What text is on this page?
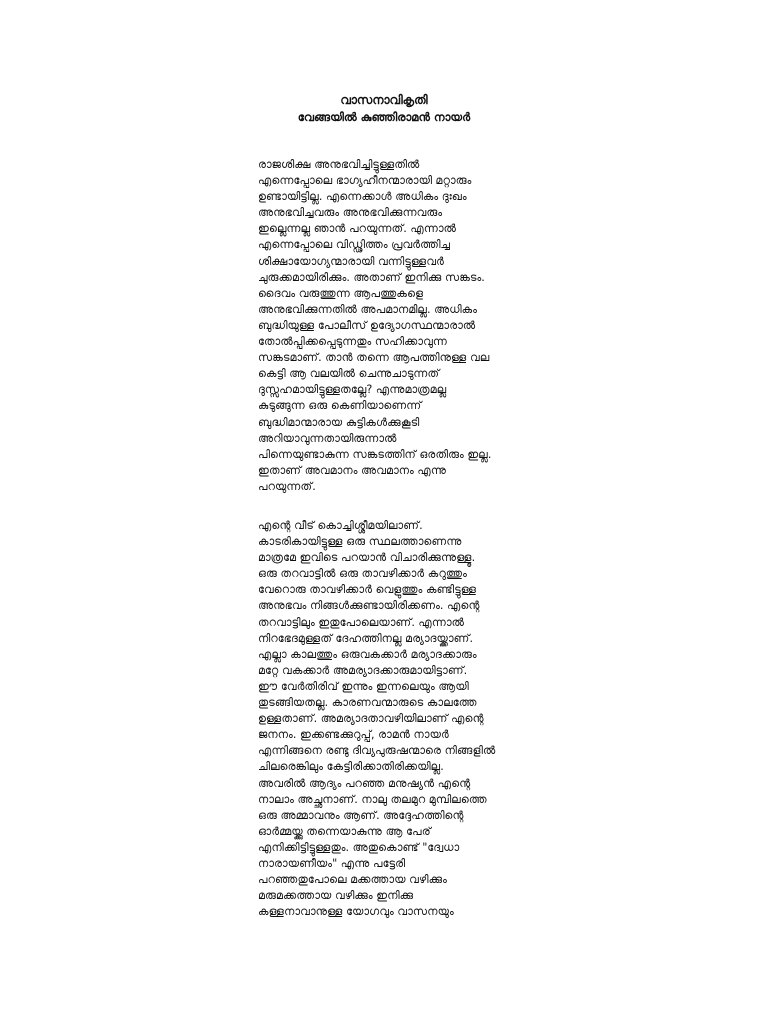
വാസനാവികൃതി
വേങ്ങയിൽ കുഞ്ഞിരാമൻ നായർ
രാജശിക്ഷ അനുഭവിച്ചിട്ടുള്ളതിൽ
എന്നെപ്പോലെ ഭാഗ്യഹീനന്മാരായി മറ്റാരും
ഉണ്ടായിട്ടില്ല. എന്നെക്കാൾ അധികം ദുഃഖം
അനുഭവിച്ചവരും അനുഭവിക്കുന്നവരും
ഇല്ലെന്നല്ല ഞാൻ പറയുന്നത്. എന്നാൽ
എന്നെപ്പോലെ വിഡ്ഢിത്തം പ്രവർത്തിച്ച
ശിക്ഷായോഗ്യന്മാരായി വന്നിട്ടുള്ളവർ
ചുരുക്കമായിരിക്കും. അതാണ് ഇനിക്കു സങ്കടം.
ദൈവം വരുത്തുന്ന ആപത്തുകളെ
അനുഭവിക്കുന്നതിൽ അപമാനമില്ല. അധികം
ബുദ്ധിയുള്ള പോലീസ് ഉദ്യോഗസ്ഥന്മാരാൽ
തോൽപ്പിക്കപ്പെടുന്നതും സഹിക്കാവുന്ന
സങ്കടമാണ്. താൻ തന്നെ ആപത്തിനുള്ള വല
കെട്ടി ആ വലയിൽ ചെന്നുചാടുന്നത്
ദുസ്സഹമായിട്ടുള്ളതല്ലേ? എന്നുമാത്രമല്ല
കുടുങ്ങുന്ന ഒരു കെണിയാണെന്ന്
ബുദ്ധിമാന്മാരായ കുട്ടികൾക്കുകൂടി
അറിയാവുന്നതായിരുന്നാൽ
പിന്നെയുണ്ടാകുന്ന സങ്കടത്തിന് ഒരതിരും ഇല്ല.
ഇതാണ് അവമാനം അവമാനം എന്നു
പറയുന്നത്.
എന്റെ വീട് കൊച്ചിശ്ശീമയിലാണ്.
കാടരികായിട്ടുള്ള ഒരു സ്ഥലത്താണെന്നു
മാത്രമേ ഇവിടെ പറയാൻ വിചാരിക്കുന്നുള്ളൂ.
ഒരു തറവാട്ടിൽ ഒരു താവഴിക്കാർ കറുത്തും
വേറൊരു താവഴിക്കാർ വെളുത്തും കണ്ടിട്ടുള്ള
അനുഭവം നിങ്ങൾക്കുണ്ടായിരിക്കണം. എന്റെ
തറവാട്ടിലും ഇതുപോലെയാണ്. എന്നാൽ
നിറഭേദമുള്ളത് ദേഹത്തിനല്ല മര്യാദയ്ക്കാണ്.
എല്ലാ കാലത്തും ഒരുവകക്കാർ മര്യാദക്കാരും
മറ്റേ വകക്കാർ അമര്യാദക്കാരുമായിട്ടാണ്.
ഈ വേർതിരിവ് ഇന്നും ഇന്നലെയും ആയി
തുടങ്ങിയതല്ല. കാരണവന്മാരുടെ കാലത്തേ
ഉള്ളതാണ്. അമര്യാദതാവഴിയിലാണ് എന്റെ
ജനനം. ഇക്കണ്ടക്കുറുപ്പ്, രാമൻ നായർ
എന്നിങ്ങനെ രണ്ടു ദിവ്യപുരുഷന്മാരെ നിങ്ങളിൽ
ചിലരെങ്കിലും കേട്ടിരിക്കാതിരിക്കയില്ല.
അവരിൽ ആദ്യം പറഞ്ഞ മനുഷ്യൻ എന്റെ
നാലാം അച്ഛനാണ്. നാലു തലമുറ മുമ്പിലത്തെ
ഒരു അമ്മാവനും ആണ്. അദ്ദേഹത്തിന്റെ
ഓർമ്മയ്ക്കു തന്നെയാകുന്നു ആ പേര്
എനിക്കിട്ടിട്ടുള്ളതും. അതുകൊണ്ട് "ദ്വേധാ
നാരായണീയം" എന്നു പട്ടേരി
പറഞ്ഞതുപോലെ മക്കത്തായ വഴിക്കും
മരുമക്കത്തായ വഴിക്കും ഇനിക്കു
കള്ളനാവാനുള്ള യോഗവും വാസനയും
